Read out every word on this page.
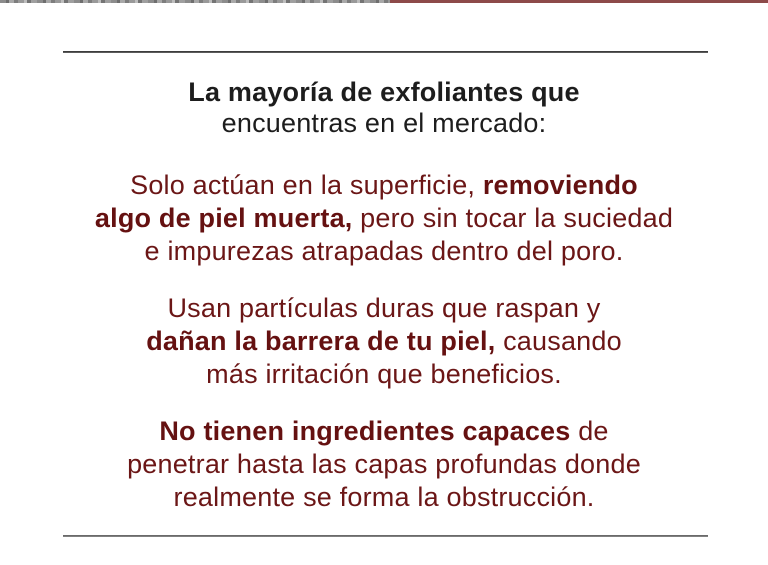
La mayoría de exfoliantes que
encuentras en el mercado:
Solo actúan en la superficie, removiendo
algo de piel muerta, pero sin tocar la suciedad
e impurezas atrapadas dentro del poro.
Usan partículas duras que raspan y
dañan la barrera de tu piel, causando
más irritación que beneficios.
No tienen ingredientes capaces de
penetrar hasta las capas profundas donde
realmente se forma la obstrucción.
